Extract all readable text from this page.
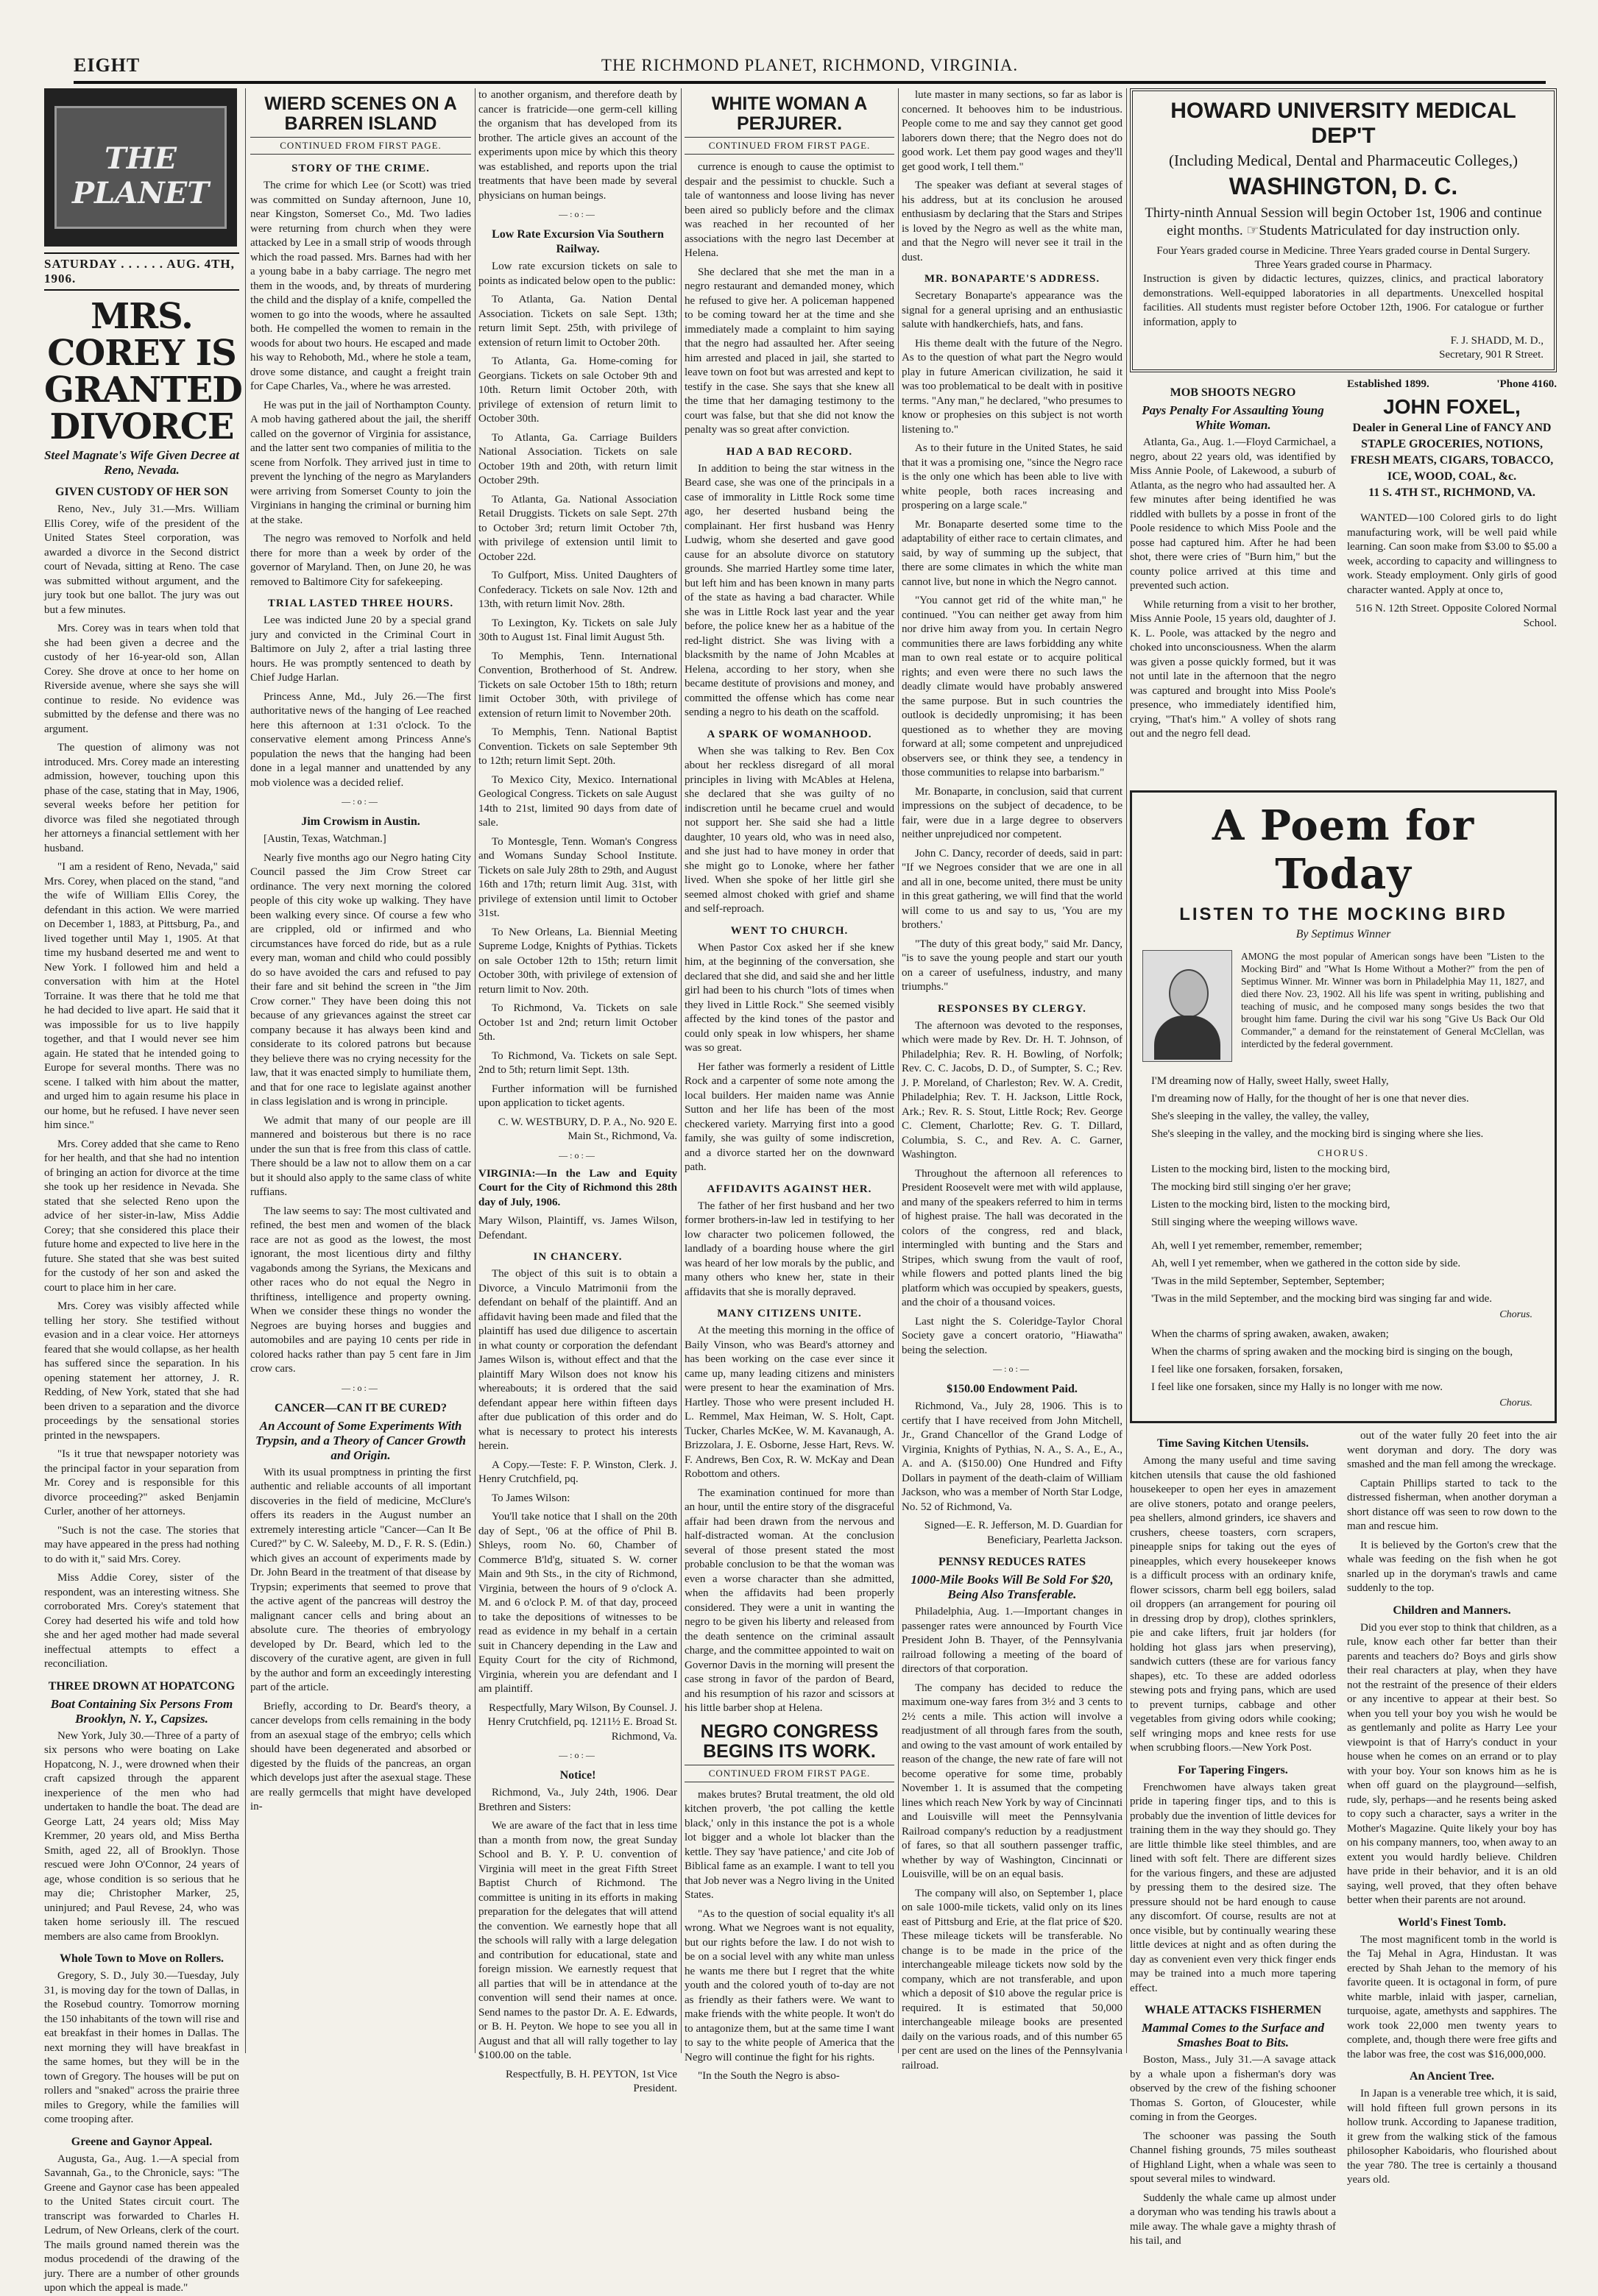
EIGHT	THE RICHMOND PLANET, RICHMOND, VIRGINIA.
THE PLANET
SATURDAY . . . . . . AUG. 4TH, 1906.
MRS. COREY IS GRANTED DIVORCE
Steel Magnate's Wife Given Decree at Reno, Nevada.
GIVEN CUSTODY OF HER SON

Reno, Nev., July 31.—Mrs. William Ellis Corey, wife of the president of the United States Steel corporation, was awarded a divorce in the Second district court of Nevada, sitting at Reno. The case was submitted without argument, and the jury took but one ballot. The jury was out but a few minutes.

Mrs. Corey was in tears when told that she had been given a decree and the custody of her 16-year-old son, Allan Corey. She drove at once to her home on Riverside avenue, where she says she will continue to reside. No evidence was submitted by the defense and there was no argument.

The question of alimony was not introduced. Mrs. Corey made an interesting admission, however, touching upon this phase of the case, stating that in May, 1906, several weeks before her petition for divorce was filed she negotiated through her attorneys a financial settlement with her husband.

"I am a resident of Reno, Nevada," said Mrs. Corey, when placed on the stand, "and the wife of William Ellis Corey, the defendant in this action. We were married on December 1, 1883, at Pittsburg, Pa., and lived together until May 1, 1905. At that time my husband deserted me and went to New York. I followed him and held a conversation with him at the Hotel Torraine. It was there that he told me that he had decided to live apart. He said that it was impossible for us to live happily together, and that I would never see him again. He stated that he intended going to Europe for several months. There was no scene. I talked with him about the matter, and urged him to again resume his place in our home, but he refused. I have never seen him since."

Mrs. Corey added that she came to Reno for her health, and that she had no intention of bringing an action for divorce at the time she took up her residence in Nevada. She stated that she selected Reno upon the advice of her sister-in-law, Miss Addie Corey; that she considered this place their future home and expected to live here in the future. She stated that she was best suited for the custody of her son and asked the court to place him in her care.

Mrs. Corey was visibly affected while telling her story. She testified without evasion and in a clear voice. Her attorneys feared that she would collapse, as her health has suffered since the separation. In his opening statement her attorney, J. R. Redding, of New York, stated that she had been driven to a separation and the divorce proceedings by the sensational stories printed in the newspapers.

"Is it true that newspaper notoriety was the principal factor in your separation from Mr. Corey and is responsible for this divorce proceeding?" asked Benjamin Curler, another of her attorneys.

"Such is not the case. The stories that may have appeared in the press had nothing to do with it," said Mrs. Corey.

Miss Addie Corey, sister of the respondent, was an interesting witness. She corroborated Mrs. Corey's statement that Corey had deserted his wife and told how she and her aged mother had made several ineffectual attempts to effect a reconciliation.

THREE DROWN AT HOPATCONG
Boat Containing Six Persons From Brooklyn, N. Y., Capsizes.

New York, July 30.—Three of a party of six persons who were boating on Lake Hopatcong, N. J., were drowned when their craft capsized through the apparent inexperience of the men who had undertaken to handle the boat. The dead are George Latt, 24 years old; Miss May Kremmer, 20 years old, and Miss Bertha Smith, aged 22, all of Brooklyn. Those rescued were John O'Connor, 24 years of age, whose condition is so serious that he may die; Christopher Marker, 25, uninjured; and Paul Revese, 24, who was taken home seriously ill. The rescued members are also came from Brooklyn.

Whole Town to Move on Rollers.

Gregory, S. D., July 30.—Tuesday, July 31, is moving day for the town of Dallas, in the Rosebud country. Tomorrow morning the 150 inhabitants of the town will rise and eat breakfast in their homes in Dallas. The next morning they will have breakfast in the same homes, but they will be in the town of Gregory. The houses will be put on rollers and "snaked" across the prairie three miles to Gregory, while the families will come trooping after.

Greene and Gaynor Appeal.

Augusta, Ga., Aug. 1.—A special from Savannah, Ga., to the Chronicle, says: "The Greene and Gaynor case has been appealed to the United States circuit court. The transcript was forwarded to Charles H. Ledrum, of New Orleans, clerk of the court. The mails ground named therein was the modus procedendi of the drawing of the jury. There are a number of other grounds upon which the appeal is made."

WIERD SCENES ON A BARREN ISLAND
CONTINUED FROM FIRST PAGE.
STORY OF THE CRIME.

The crime for which Lee (or Scott) was tried was committed on Sunday afternoon, June 10, near Kingston, Somerset Co., Md. Two ladies were returning from church when they were attacked by Lee in a small strip of woods through which the road passed. Mrs. Barnes had with her a young babe in a baby carriage. The negro met them in the woods, and, by threats of murdering the child and the display of a knife, compelled the women to go into the woods, where he assaulted both. He compelled the women to remain in the woods for about two hours. He escaped and made his way to Rehoboth, Md., where he stole a team, drove some distance, and caught a freight train for Cape Charles, Va., where he was arrested.

He was put in the jail of Northampton County. A mob having gathered about the jail, the sheriff called on the governor of Virginia for assistance, and the latter sent two companies of militia to the scene from Norfolk. They arrived just in time to prevent the lynching of the negro as Marylanders were arriving from Somerset County to join the Virginians in hanging the criminal or burning him at the stake.

The negro was removed to Norfolk and held there for more than a week by order of the governor of Maryland. Then, on June 20, he was removed to Baltimore City for safekeeping.

TRIAL LASTED THREE HOURS.

Lee was indicted June 20 by a special grand jury and convicted in the Criminal Court in Baltimore on July 2, after a trial lasting three hours. He was promptly sentenced to death by Chief Judge Harlan.

Princess Anne, Md., July 26.—The first authoritative news of the hanging of Lee reached here this afternoon at 1:31 o'clock. To the conservative element among Princess Anne's population the news that the hanging had been done in a legal manner and unattended by any mob violence was a decided relief.

—:o:—
Jim Crowism in Austin.

[Austin, Texas, Watchman.]

Nearly five months ago our Negro hating City Council passed the Jim Crow Street car ordinance. The very next morning the colored people of this city woke up walking. They have been walking every since. Of course a few who are crippled, old or infirmed and who circumstances have forced do ride, but as a rule every man, woman and child who could possibly do so have avoided the cars and refused to pay their fare and sit behind the screen in "the Jim Crow corner." They have been doing this not because of any grievances against the street car company because it has always been kind and considerate to its colored patrons but because they believe there was no crying necessity for the law, that it was enacted simply to humiliate them, and that for one race to legislate against another in class legislation and is wrong in principle.

We admit that many of our people are ill mannered and boisterous but there is no race under the sun that is free from this class of cattle. There should be a law not to allow them on a car but it should also apply to the same class of white ruffians.

The law seems to say: The most cultivated and refined, the best men and women of the black race are not as good as the lowest, the most ignorant, the most licentious dirty and filthy vagabonds among the Syrians, the Mexicans and other races who do not equal the Negro in thriftiness, intelligence and property owning. When we consider these things no wonder the Negroes are buying horses and buggies and automobiles and are paying 10 cents per ride in colored hacks rather than pay 5 cent fare in Jim crow cars.

—:o:—
CANCER—CAN IT BE CURED?
An Account of Some Experiments With Trypsin, and a Theory of Cancer Growth and Origin.

With its usual promptness in printing the first authentic and reliable accounts of all important discoveries in the field of medicine, McClure's offers its readers in the August number an extremely interesting article "Cancer—Can It Be Cured?" by C. W. Saleeby, M. D., F. R. S. (Edin.) which gives an account of experiments made by Dr. John Beard in the treatment of that disease by Trypsin; experiments that seemed to prove that the active agent of the pancreas will destroy the malignant cancer cells and bring about an absolute cure. The theories of embryology developed by Dr. Beard, which led to the discovery of the curative agent, are given in full by the author and form an exceedingly interesting part of the article.

Briefly, according to Dr. Beard's theory, a cancer develops from cells remaining in the body from an asexual stage of the embryo; cells which should have been degenerated and absorbed or digested by the fluids of the pancreas, an organ which develops just after the asexual stage. These are really germcells that might have developed in-

to another organism, and therefore death by cancer is fratricide—one germ-cell killing the organism that has developed from its brother. The article gives an account of the experiments upon mice by which this theory was established, and reports upon the trial treatments that have been made by several physicians on human beings.

—:o:—
Low Rate Excursion Via Southern Railway.

Low rate excursion tickets on sale to points as indicated below open to the public:

To Atlanta, Ga. Nation Dental Association. Tickets on sale Sept. 13th; return limit Sept. 25th, with privilege of extension of return limit to October 20th.

To Atlanta, Ga. Home-coming for Georgians. Tickets on sale October 9th and 10th. Return limit October 20th, with privilege of extension of return limit to October 30th.

To Atlanta, Ga. Carriage Builders National Association. Tickets on sale October 19th and 20th, with return limit October 29th.

To Atlanta, Ga. National Association Retail Druggists. Tickets on sale Sept. 27th to October 3rd; return limit October 7th, with privilege of extension until limit to October 22d.

To Gulfport, Miss. United Daughters of Confederacy. Tickets on sale Nov. 12th and 13th, with return limit Nov. 28th.

To Lexington, Ky. Tickets on sale July 30th to August 1st. Final limit August 5th.

To Memphis, Tenn. International Convention, Brotherhood of St. Andrew. Tickets on sale October 15th to 18th; return limit October 30th, with privilege of extension of return limit to November 20th.

To Memphis, Tenn. National Baptist Convention. Tickets on sale September 9th to 12th; return limit Sept. 20th.

To Mexico City, Mexico. International Geological Congress. Tickets on sale August 14th to 21st, limited 90 days from date of sale.

To Montesgle, Tenn. Woman's Congress and Womans Sunday School Institute. Tickets on sale July 28th to 29th, and August 16th and 17th; return limit Aug. 31st, with privilege of extension until limit to October 31st.

To New Orleans, La. Biennial Meeting Supreme Lodge, Knights of Pythias. Tickets on sale October 12th to 15th; return limit October 30th, with privilege of extension of return limit to Nov. 20th.

To Richmond, Va. Tickets on sale October 1st and 2nd; return limit October 5th.

To Richmond, Va. Tickets on sale Sept. 2nd to 5th; return limit Sept. 13th.

Further information will be furnished upon application to ticket agents.

C. W. WESTBURY, D. P. A., No. 920 E. Main St., Richmond, Va.

—:o:—

VIRGINIA:—In the Law and Equity Court for the City of Richmond this 28th day of July, 1906.

Mary Wilson, Plaintiff, vs. James Wilson, Defendant.

IN CHANCERY.

The object of this suit is to obtain a Divorce, a Vinculo Matrimonii from the defendant on behalf of the plaintiff. And an affidavit having been made and filed that the plaintiff has used due diligence to ascertain in what county or corporation the defendant James Wilson is, without effect and that the plaintiff Mary Wilson does not know his whereabouts; it is ordered that the said defendant appear here within fifteen days after due publication of this order and do what is necessary to protect his interests herein.

A Copy.—Teste: F. P. Winston, Clerk. J. Henry Crutchfield, pq.

To James Wilson:

You'll take notice that I shall on the 20th day of Sept., '06 at the office of Phil B. Shleys, room No. 60, Chamber of Commerce B'ld'g, situated S. W. corner Main and 9th Sts., in the city of Richmond, Virginia, between the hours of 9 o'clock A. M. and 6 o'clock P. M. of that day, proceed to take the depositions of witnesses to be read as evidence in my behalf in a certain suit in Chancery depending in the Law and Equity Court for the city of Richmond, Virginia, wherein you are defendant and I am plaintiff.

Respectfully, Mary Wilson, By Counsel. J. Henry Crutchfield, pq. 1211½ E. Broad St. Richmond, Va.

—:o:—
Notice!

Richmond, Va., July 24th, 1906. Dear Brethren and Sisters:

We are aware of the fact that in less time than a month from now, the great Sunday School and B. Y. P. U. convention of Virginia will meet in the great Fifth Street Baptist Church of Richmond. The committee is uniting in its efforts in making preparation for the delegates that will attend the convention. We earnestly hope that all the schools will rally with a large delegation and contribution for educational, state and foreign mission. We earnestly request that all parties that will be in attendance at the convention will send their names at once. Send names to the pastor Dr. A. E. Edwards, or B. H. Peyton. We hope to see you all in August and that all will rally together to lay $100.00 on the table.

Respectfully, B. H. PEYTON, 1st Vice President.

WHITE WOMAN A PERJURER.
CONTINUED FROM FIRST PAGE.

currence is enough to cause the optimist to despair and the pessimist to chuckle. Such a tale of wantonness and loose living has never been aired so publicly before and the climax was reached in her recounted of her associations with the negro last December at Helena.

She declared that she met the man in a negro restaurant and demanded money, which he refused to give her. A policeman happened to be coming toward her at the time and she immediately made a complaint to him saying that the negro had assaulted her. After seeing him arrested and placed in jail, she started to leave town on foot but was arrested and kept to testify in the case. She says that she knew all the time that her damaging testimony to the court was false, but that she did not know the penalty was so great after conviction.

HAD A BAD RECORD.

In addition to being the star witness in the Beard case, she was one of the principals in a case of immorality in Little Rock some time ago, her deserted husband being the complainant. Her first husband was Henry Ludwig, whom she deserted and gave good cause for an absolute divorce on statutory grounds. She married Hartley some time later, but left him and has been known in many parts of the state as having a bad character. While she was in Little Rock last year and the year before, the police knew her as a habitue of the red-light district. She was living with a blacksmith by the name of John Mcables at Helena, according to her story, when she became destitute of provisions and money, and committed the offense which has come near sending a negro to his death on the scaffold.

A SPARK OF WOMANHOOD.

When she was talking to Rev. Ben Cox about her reckless disregard of all moral principles in living with McAbles at Helena, she declared that she was guilty of no indiscretion until he became cruel and would not support her. She said she had a little daughter, 10 years old, who was in need also, and she just had to have money in order that she might go to Lonoke, where her father lived. When she spoke of her little girl she seemed almost choked with grief and shame and self-reproach.

WENT TO CHURCH.

When Pastor Cox asked her if she knew him, at the beginning of the conversation, she declared that she did, and said she and her little girl had been to his church "lots of times when they lived in Little Rock." She seemed visibly affected by the kind tones of the pastor and could only speak in low whispers, her shame was so great.

Her father was formerly a resident of Little Rock and a carpenter of some note among the local builders. Her maiden name was Annie Sutton and her life has been of the most checkered variety. Marrying first into a good family, she was guilty of some indiscretion, and a divorce started her on the downward path.

AFFIDAVITS AGAINST HER.

The father of her first husband and her two former brothers-in-law led in testifying to her low character two policemen followed, the landlady of a boarding house where the girl was heard of her low morals by the public, and many others who knew her, state in their affidavits that she is morally depraved.

MANY CITIZENS UNITE.

At the meeting this morning in the office of Baily Vinson, who was Beard's attorney and has been working on the case ever since it came up, many leading citizens and ministers were present to hear the examination of Mrs. Hartley. Those who were present included H. L. Remmel, Max Heiman, W. S. Holt, Capt. Tucker, Charles McKee, W. M. Kavanaugh, A. Brizzolara, J. E. Osborne, Jesse Hart, Revs. W. F. Andrews, Ben Cox, R. W. McKay and Dean Robottom and others.

The examination continued for more than an hour, until the entire story of the disgraceful affair had been drawn from the nervous and half-distracted woman. At the conclusion several of those present stated the most probable conclusion to be that the woman was even a worse character than she admitted, when the affidavits had been properly considered. They were a unit in wanting the negro to be given his liberty and released from the death sentence on the criminal assault charge, and the committee appointed to wait on Governor Davis in the morning will present the case strong in favor of the pardon of Beard, and his resumption of his razor and scissors at his little barber shop at Helena.

NEGRO CONGRESS BEGINS ITS WORK.
CONTINUED FROM FIRST PAGE.

makes brutes? Brutal treatment, the old old kitchen proverb, 'the pot calling the kettle black,' only in this instance the pot is a whole lot bigger and a whole lot blacker than the kettle. They say 'have patience,' and cite Job of Biblical fame as an example. I want to tell you that Job never was a Negro living in the United States.

"As to the question of social equality it's all wrong. What we Negroes want is not equality, but our rights before the law. I do not wish to be on a social level with any white man unless he wants me there but I regret that the white youth and the colored youth of to-day are not as friendly as their fathers were. We want to make friends with the white people. It won't do to antagonize them, but at the same time I want to say to the white people of America that the Negro will continue the fight for his rights.

"In the South the Negro is abso-

lute master in many sections, so far as labor is concerned. It behooves him to be industrious. People come to me and say they cannot get good laborers down there; that the Negro does not do good work. Let them pay good wages and they'll get good work, I tell them."

The speaker was defiant at several stages of his address, but at its conclusion he aroused enthusiasm by declaring that the Stars and Stripes is loved by the Negro as well as the white man, and that the Negro will never see it trail in the dust.

MR. BONAPARTE'S ADDRESS.

Secretary Bonaparte's appearance was the signal for a general uprising and an enthusiastic salute with handkerchiefs, hats, and fans.

His theme dealt with the future of the Negro. As to the question of what part the Negro would play in future American civilization, he said it was too problematical to be dealt with in positive terms. "Any man," he declared, "who presumes to know or prophesies on this subject is not worth listening to."

As to their future in the United States, he said that it was a promising one, "since the Negro race is the only one which has been able to live with white people, both races increasing and prospering on a large scale."

Mr. Bonaparte deserted some time to the adaptability of either race to certain climates, and said, by way of summing up the subject, that there are some climates in which the white man cannot live, but none in which the Negro cannot.

"You cannot get rid of the white man," he continued. "You can neither get away from him nor drive him away from you. In certain Negro communities there are laws forbidding any white man to own real estate or to acquire political rights; and even were there no such laws the deadly climate would have probably answered the same purpose. But in such countries the outlook is decidedly unpromising; it has been questioned as to whether they are moving forward at all; some competent and unprejudiced observers see, or think they see, a tendency in those communities to relapse into barbarism."

Mr. Bonaparte, in conclusion, said that current impressions on the subject of decadence, to be fair, were due in a large degree to observers neither unprejudiced nor competent.

John C. Dancy, recorder of deeds, said in part: "If we Negroes consider that we are one in all and all in one, become united, there must be unity in this great gathering, we will find that the world will come to us and say to us, 'You are my brothers.'

"The duty of this great body," said Mr. Dancy, "is to save the young people and start our youth on a career of usefulness, industry, and many triumphs."

RESPONSES BY CLERGY.

The afternoon was devoted to the responses, which were made by Rev. Dr. H. T. Johnson, of Philadelphia; Rev. R. H. Bowling, of Norfolk; Rev. C. C. Jacobs, D. D., of Sumpter, S. C.; Rev. J. P. Moreland, of Charleston; Rev. W. A. Credit, Philadelphia; Rev. T. H. Jackson, Little Rock, Ark.; Rev. R. S. Stout, Little Rock; Rev. George C. Clement, Charlotte; Rev. G. T. Dillard, Columbia, S. C., and Rev. A. C. Garner, Washington.

Throughout the afternoon all references to President Roosevelt were met with wild applause, and many of the speakers referred to him in terms of highest praise. The hall was decorated in the colors of the congress, red and black, intermingled with bunting and the Stars and Stripes, which swung from the vault of roof, while flowers and potted plants lined the big platform which was occupied by speakers, guests, and the choir of a thousand voices.

Last night the S. Coleridge-Taylor Choral Society gave a concert oratorio, "Hiawatha" being the selection.

—:o:—
$150.00 Endowment Paid.

Richmond, Va., July 28, 1906. This is to certify that I have received from John Mitchell, Jr., Grand Chancellor of the Grand Lodge of Virginia, Knights of Pythias, N. A., S. A., E., A., A. and A. ($150.00) One Hundred and Fifty Dollars in payment of the death-claim of William Jackson, who was a member of North Star Lodge, No. 52 of Richmond, Va.

Signed—E. R. Jefferson, M. D. Guardian for Beneficiary, Pearletta Jackson.

PENNSY REDUCES RATES
1000-Mile Books Will Be Sold For $20, Being Also Transferable.

Philadelphia, Aug. 1.—Important changes in passenger rates were announced by Fourth Vice President John B. Thayer, of the Pennsylvania railroad following a meeting of the board of directors of that corporation.

The company has decided to reduce the maximum one-way fares from 3½ and 3 cents to 2½ cents a mile. This action will involve a readjustment of all through fares from the south, and owing to the vast amount of work entailed by reason of the change, the new rate of fare will not become operative for some time, probably November 1. It is assumed that the competing lines which reach New York by way of Cincinnati and Louisville will meet the Pennsylvania Railroad company's reduction by a readjustment of fares, so that all southern passenger traffic, whether by way of Washington, Cincinnati or Louisville, will be on an equal basis.

The company will also, on September 1, place on sale 1000-mile tickets, valid only on its lines east of Pittsburg and Erie, at the flat price of $20. These mileage tickets will be transferable. No change is to be made in the price of the interchangeable mileage tickets now sold by the company, which are not transferable, and upon which a deposit of $10 above the regular price is required. It is estimated that 50,000 interchangeable mileage books are presented daily on the various roads, and of this number 65 per cent are used on the lines of the Pennsylvania railroad.

HOWARD UNIVERSITY MEDICAL DEP'T
(Including Medical, Dental and Pharmaceutic Colleges,)
WASHINGTON, D. C.
Thirty-ninth Annual Session will begin October 1st, 1906 and continue eight months. ☞Students Matriculated for day instruction only.
Four Years graded course in Medicine. Three Years graded course in Dental Surgery. Three Years graded course in Pharmacy.

Instruction is given by didactic lectures, quizzes, clinics, and practical laboratory demonstrations. Well-equipped laboratories in all departments. Unexcelled hospital facilities. All students must register before October 12th, 1906. For catalogue or further information, apply to

F. J. SHADD, M. D.,
Secretary, 901 R Street.
MOB SHOOTS NEGRO
Pays Penalty For Assaulting Young White Woman.

Atlanta, Ga., Aug. 1.—Floyd Carmichael, a negro, about 22 years old, was identified by Miss Annie Poole, of Lakewood, a suburb of Atlanta, as the negro who had assaulted her. A few minutes after being identified he was riddled with bullets by a posse in front of the Poole residence to which Miss Poole and the posse had captured him. After he had been shot, there were cries of "Burn him," but the county police arrived at this time and prevented such action.

While returning from a visit to her brother, Miss Annie Poole, 15 years old, daughter of J. K. L. Poole, was attacked by the negro and choked into unconsciousness. When the alarm was given a posse quickly formed, but it was not until late in the afternoon that the negro was captured and brought into Miss Poole's presence, who immediately identified him, crying, "That's him." A volley of shots rang out and the negro fell dead.

Established 1899.	'Phone 4160.
JOHN FOXEL,
Dealer in General Line of FANCY AND STAPLE GROCERIES, NOTIONS, FRESH MEATS, CIGARS, TOBACCO, ICE, WOOD, COAL, &c.
11 S. 4TH ST., RICHMOND, VA.

WANTED—100 Colored girls to do light manufacturing work, will be well paid while learning. Can soon make from $3.00 to $5.00 a week, according to capacity and willingness to work. Steady employment. Only girls of good character wanted. Apply at once to,

516 N. 12th Street. Opposite Colored Normal School.

A Poem for Today
LISTEN TO THE MOCKING BIRD
By Septimus Winner
AMONG the most popular of American songs have been "Listen to the Mocking Bird" and "What Is Home Without a Mother?" from the pen of Septimus Winner. Mr. Winner was born in Philadelphia May 11, 1827, and died there Nov. 23, 1902. All his life was spent in writing, publishing and teaching of music, and he composed many songs besides the two that brought him fame. During the civil war his song "Give Us Back Our Old Commander," a demand for the reinstatement of General McClellan, was interdicted by the federal government.

I'M dreaming now of Hally, sweet Hally, sweet Hally,

I'm dreaming now of Hally, for the thought of her is one that never dies.

She's sleeping in the valley, the valley, the valley,

She's sleeping in the valley, and the mocking bird is singing where she lies.

CHORUS.

Listen to the mocking bird, listen to the mocking bird,

The mocking bird still singing o'er her grave;

Listen to the mocking bird, listen to the mocking bird,

Still singing where the weeping willows wave.

Ah, well I yet remember, remember, remember;

Ah, well I yet remember, when we gathered in the cotton side by side.

'Twas in the mild September, September, September;

'Twas in the mild September, and the mocking bird was singing far and wide.

Chorus.

When the charms of spring awaken, awaken, awaken;

When the charms of spring awaken and the mocking bird is singing on the bough,

I feel like one forsaken, forsaken, forsaken,

I feel like one forsaken, since my Hally is no longer with me now.

Chorus.
Time Saving Kitchen Utensils.

Among the many useful and time saving kitchen utensils that cause the old fashioned housekeeper to open her eyes in amazement are olive stoners, potato and orange peelers, pea shellers, almond grinders, ice shavers and crushers, cheese toasters, corn scrapers, pineapple snips for taking out the eyes of pineapples, which every housekeeper knows is a difficult process with an ordinary knife, flower scissors, charm bell egg boilers, salad oil droppers (an arrangement for pouring oil in dressing drop by drop), clothes sprinklers, pie and cake lifters, fruit jar holders (for holding hot glass jars when preserving), sandwich cutters (these are for various fancy shapes), etc. To these are added odorless stewing pots and frying pans, which are used to prevent turnips, cabbage and other vegetables from giving odors while cooking; self wringing mops and knee rests for use when scrubbing floors.—New York Post.

For Tapering Fingers.

Frenchwomen have always taken great pride in tapering finger tips, and to this is probably due the invention of little devices for training them in the way they should go. They are little thimble like steel thimbles, and are lined with soft felt. There are different sizes for the various fingers, and these are adjusted by pressing them to the desired size. The pressure should not be hard enough to cause any discomfort. Of course, results are not at once visible, but by continually wearing these little devices at night and as often during the day as convenient even very thick finger ends may be trained into a much more tapering effect.

WHALE ATTACKS FISHERMEN
Mammal Comes to the Surface and Smashes Boat to Bits.

Boston, Mass., July 31.—A savage attack by a whale upon a fisherman's dory was observed by the crew of the fishing schooner Thomas S. Gorton, of Gloucester, while coming in from the Georges.

The schooner was passing the South Channel fishing grounds, 75 miles southeast of Highland Light, when a whale was seen to spout several miles to windward.

Suddenly the whale came up almost under a doryman who was tending his trawls about a mile away. The whale gave a mighty thrash of his tail, and

out of the water fully 20 feet into the air went doryman and dory. The dory was smashed and the man fell among the wreckage.

Captain Phillips started to tack to the distressed fisherman, when another doryman a short distance off was seen to row down to the man and rescue him.

It is believed by the Gorton's crew that the whale was feeding on the fish when he got snarled up in the doryman's trawls and came suddenly to the top.

Children and Manners.

Did you ever stop to think that children, as a rule, know each other far better than their parents and teachers do? Boys and girls show their real characters at play, when they have not the restraint of the presence of their elders or any incentive to appear at their best. So when you tell your boy you wish he would be as gentlemanly and polite as Harry Lee your viewpoint is that of Harry's conduct in your house when he comes on an errand or to play with your boy. Your son knows him as he is when off guard on the playground—selfish, rude, sly, perhaps—and he resents being asked to copy such a character, says a writer in the Mother's Magazine. Quite likely your boy has on his company manners, too, when away to an extent you would hardly believe. Children have pride in their behavior, and it is an old saying, well proved, that they often behave better when their parents are not around.

World's Finest Tomb.

The most magnificent tomb in the world is the Taj Mehal in Agra, Hindustan. It was erected by Shah Jehan to the memory of his favorite queen. It is octagonal in form, of pure white marble, inlaid with jasper, carnelian, turquoise, agate, amethysts and sapphires. The work took 22,000 men twenty years to complete, and, though there were free gifts and the labor was free, the cost was $16,000,000.

An Ancient Tree.

In Japan is a venerable tree which, it is said, will hold fifteen full grown persons in its hollow trunk. According to Japanese tradition, it grew from the walking stick of the famous philosopher Kaboidaris, who flourished about the year 780. The tree is certainly a thousand years old.
